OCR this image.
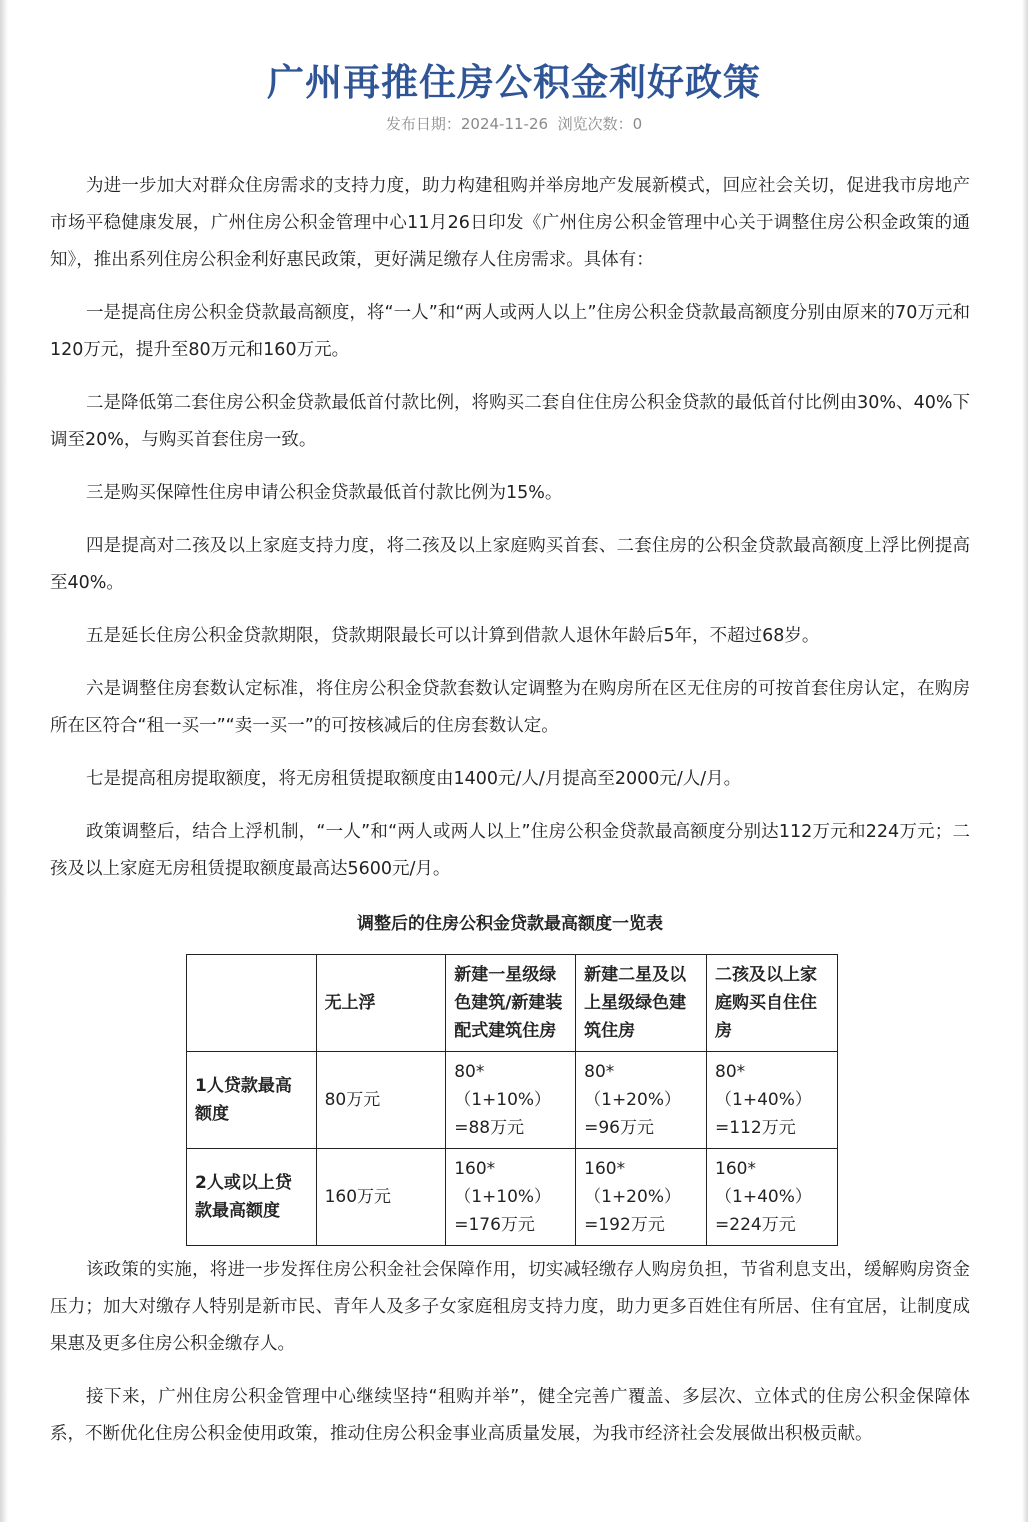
广州再推住房公积金利好政策
发布日期：2024-11-26 浏览次数：0

为进一步加大对群众住房需求的支持力度，助力构建租购并举房地产发展新模式，回应社会关切，促进我市房地产市场平稳健康发展，广州住房公积金管理中心11月26日印发《广州住房公积金管理中心关于调整住房公积金政策的通知》，推出系列住房公积金利好惠民政策，更好满足缴存人住房需求。具体有：

一是提高住房公积金贷款最高额度，将“一人”和“两人或两人以上”住房公积金贷款最高额度分别由原来的70万元和120万元，提升至80万元和160万元。

二是降低第二套住房公积金贷款最低首付款比例，将购买二套自住住房公积金贷款的最低首付比例由30%、40%下调至20%，与购买首套住房一致。

三是购买保障性住房申请公积金贷款最低首付款比例为15%。

四是提高对二孩及以上家庭支持力度，将二孩及以上家庭购买首套、二套住房的公积金贷款最高额度上浮比例提高至40%。

五是延长住房公积金贷款期限，贷款期限最长可以计算到借款人退休年龄后5年，不超过68岁。

六是调整住房套数认定标准，将住房公积金贷款套数认定调整为在购房所在区无住房的可按首套住房认定，在购房所在区符合“租一买一”“卖一买一”的可按核减后的住房套数认定。

七是提高租房提取额度，将无房租赁提取额度由1400元/人/月提高至2000元/人/月。

政策调整后，结合上浮机制，“一人”和“两人或两人以上”住房公积金贷款最高额度分别达112万元和224万元；二孩及以上家庭无房租赁提取额度最高达5600元/月。

调整后的住房公积金贷款最高额度一览表
	无上浮	新建一星级绿色建筑/新建装配式建筑住房	新建二星及以上星级绿色建筑住房	二孩及以上家庭购买自住住房
1人贷款最高额度	80万元	80*（1+10%）=88万元	80*（1+20%）=96万元	80*（1+40%）=112万元
2人或以上贷款最高额度	160万元	160*（1+10%）=176万元	160*（1+20%）=192万元	160*（1+40%）=224万元

该政策的实施，将进一步发挥住房公积金社会保障作用，切实减轻缴存人购房负担，节省利息支出，缓解购房资金压力；加大对缴存人特别是新市民、青年人及多子女家庭租房支持力度，助力更多百姓住有所居、住有宜居，让制度成果惠及更多住房公积金缴存人。

接下来，广州住房公积金管理中心继续坚持“租购并举”，健全完善广覆盖、多层次、立体式的住房公积金保障体系，不断优化住房公积金使用政策，推动住房公积金事业高质量发展，为我市经济社会发展做出积极贡献。
